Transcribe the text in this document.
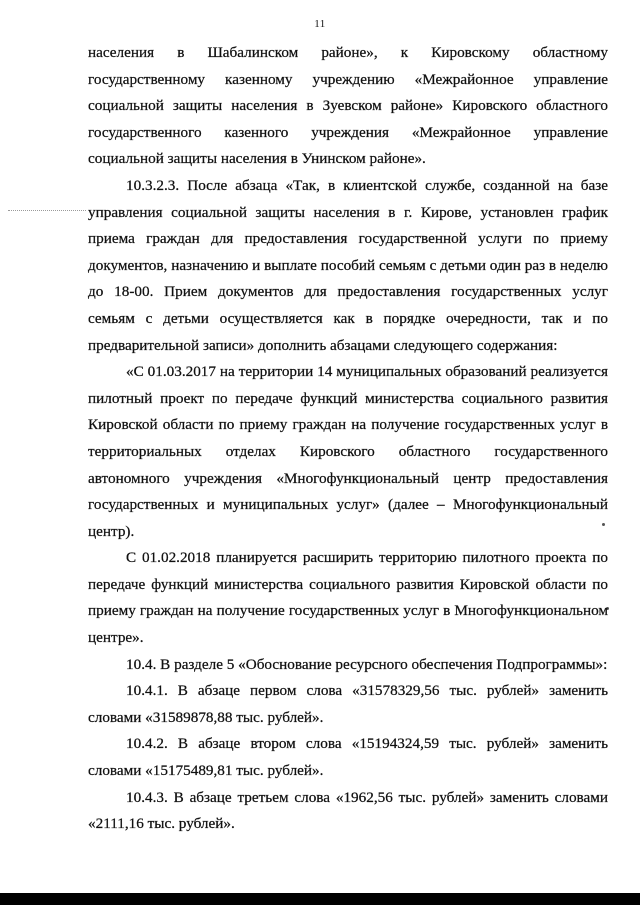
11

населения в Шабалинском районе», к Кировскому областному государственному казенному учреждению «Межрайонное управление социальной защиты населения в Зуевском районе» Кировского областного государственного казенного учреждения «Межрайонное управление социальной защиты населения в Унинском районе».

10.3.2.3. После абзаца «Так, в клиентской службе, созданной на базе управления социальной защиты населения в г. Кирове, установлен график приема граждан для предоставления государственной услуги по приему документов, назначению и выплате пособий семьям с детьми один раз в неделю до 18-00. Прием документов для предоставления государственных услуг семьям с детьми осуществляется как в порядке очередности, так и по предварительной записи» дополнить абзацами следующего содержания:

«С 01.03.2017 на территории 14 муниципальных образований реализуется пилотный проект по передаче функций министерства социального развития Кировской области по приему граждан на получение государственных услуг в территориальных отделах Кировского областного государственного автономного учреждения «Многофункциональный центр предоставления государственных и муниципальных услуг» (далее – Многофункциональный центр).

С 01.02.2018 планируется расширить территорию пилотного проекта по передаче функций министерства социального развития Кировской области по приему граждан на получение государственных услуг в Многофункциональном центре».

10.4. В разделе 5 «Обоснование ресурсного обеспечения Подпрограммы»:

10.4.1. В абзаце первом слова «31578329,56 тыс. рублей» заменить словами «31589878,88 тыс. рублей».

10.4.2. В абзаце втором слова «15194324,59 тыс. рублей» заменить словами «15175489,81 тыс. рублей».

10.4.3. В абзаце третьем слова «1962,56 тыс. рублей» заменить словами «2111,16 тыс. рублей».
